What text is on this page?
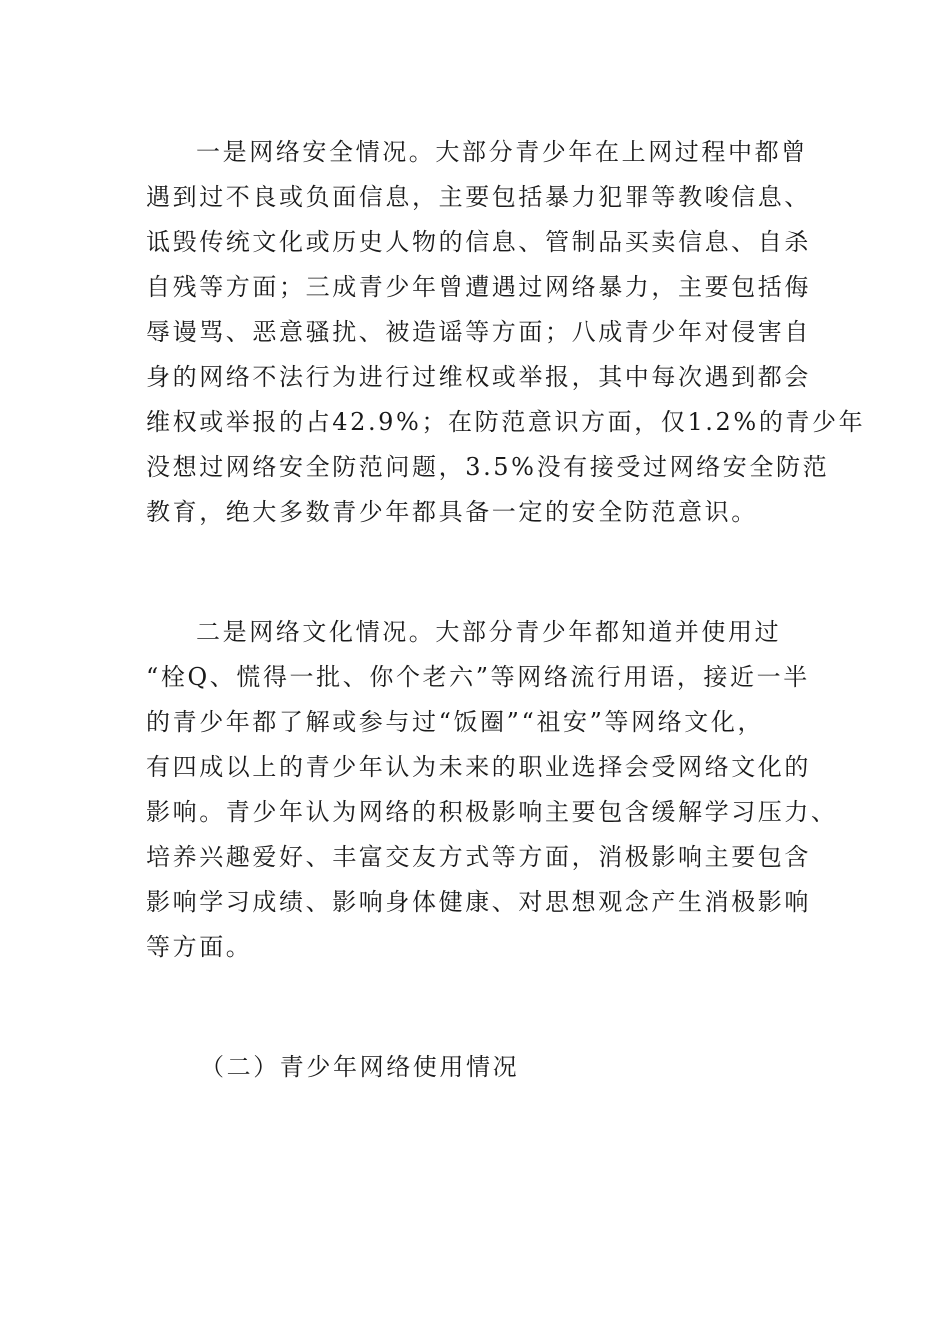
一是网络安全情况。大部分青少年在上网过程中都曾
遇到过不良或负面信息，主要包括暴力犯罪等教唆信息、
诋毁传统文化或历史人物的信息、管制品买卖信息、自杀
自残等方面；三成青少年曾遭遇过网络暴力，主要包括侮
辱谩骂、恶意骚扰、被造谣等方面；八成青少年对侵害自
身的网络不法行为进行过维权或举报，其中每次遇到都会
维权或举报的占42.9%；在防范意识方面，仅1.2%的青少年
没想过网络安全防范问题，3.5%没有接受过网络安全防范
教育，绝大多数青少年都具备一定的安全防范意识。
二是网络文化情况。大部分青少年都知道并使用过
“栓Q、慌得一批、你个老六”等网络流行用语，接近一半
的青少年都了解或参与过“饭圈”“祖安”等网络文化，
有四成以上的青少年认为未来的职业选择会受网络文化的
影响。青少年认为网络的积极影响主要包含缓解学习压力、
培养兴趣爱好、丰富交友方式等方面，消极影响主要包含
影响学习成绩、影响身体健康、对思想观念产生消极影响
等方面。
（二）青少年网络使用情况
